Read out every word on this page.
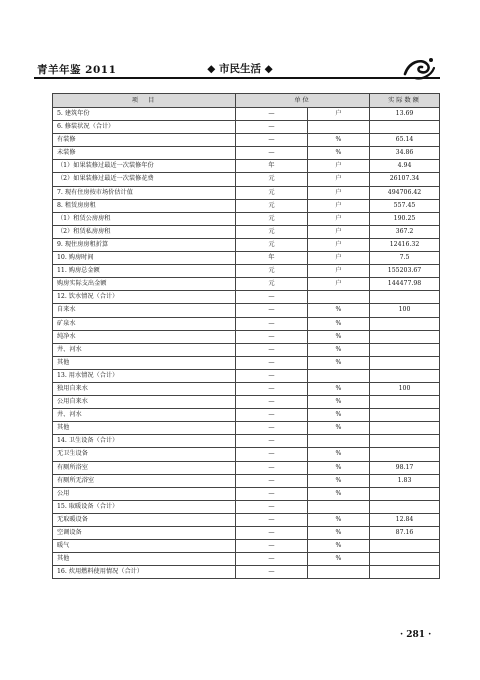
青羊年鉴 2011	◆ 市民生活 ◆
项　目	单位		实际数额
5. 建筑年份	—	户	13.69
6. 修装状况（合计）	—		
有装修	—	%	65.14
未装修	—	%	34.86
（1）如果装修过最近一次装修年份	年	户	4.94
（2）如果装修过最近一次装修花费	元	户	26107.34
7. 现有住房按市场价估计值	元	户	494706.42
8. 租赁房房租	元	户	557.45
（1）租赁公房房租	元	户	190.25
（2）租赁私房房租	元	户	367.2
9. 现住房房租折算	元	户	12416.32
10. 购房时间	年	户	7.5
11. 购房总金额	元	户	155203.67
购房实际支出金额	元	户	144477.98
12. 饮水情况（合计）	—		
自来水	—	%	100
矿泉水	—	%	
纯净水	—	%	
井、河水	—	%	
其他	—	%	
13. 用水情况（合计）	—		
独用自来水	—	%	100
公用自来水	—	%	
井、河水	—	%	
其他	—	%	
14. 卫生设备（合计）	—		
无卫生设备	—	%	
有厕所浴室	—	%	98.17
有厕所无浴室	—	%	1.83
公用	—	%	
15. 取暖设备（合计）	—		
无取暖设备	—	%	12.84
空调设备	—	%	87.16
暖气	—	%	
其他	—	%	
16. 炊用燃料使用情况（合计）	—		
· 281 ·
